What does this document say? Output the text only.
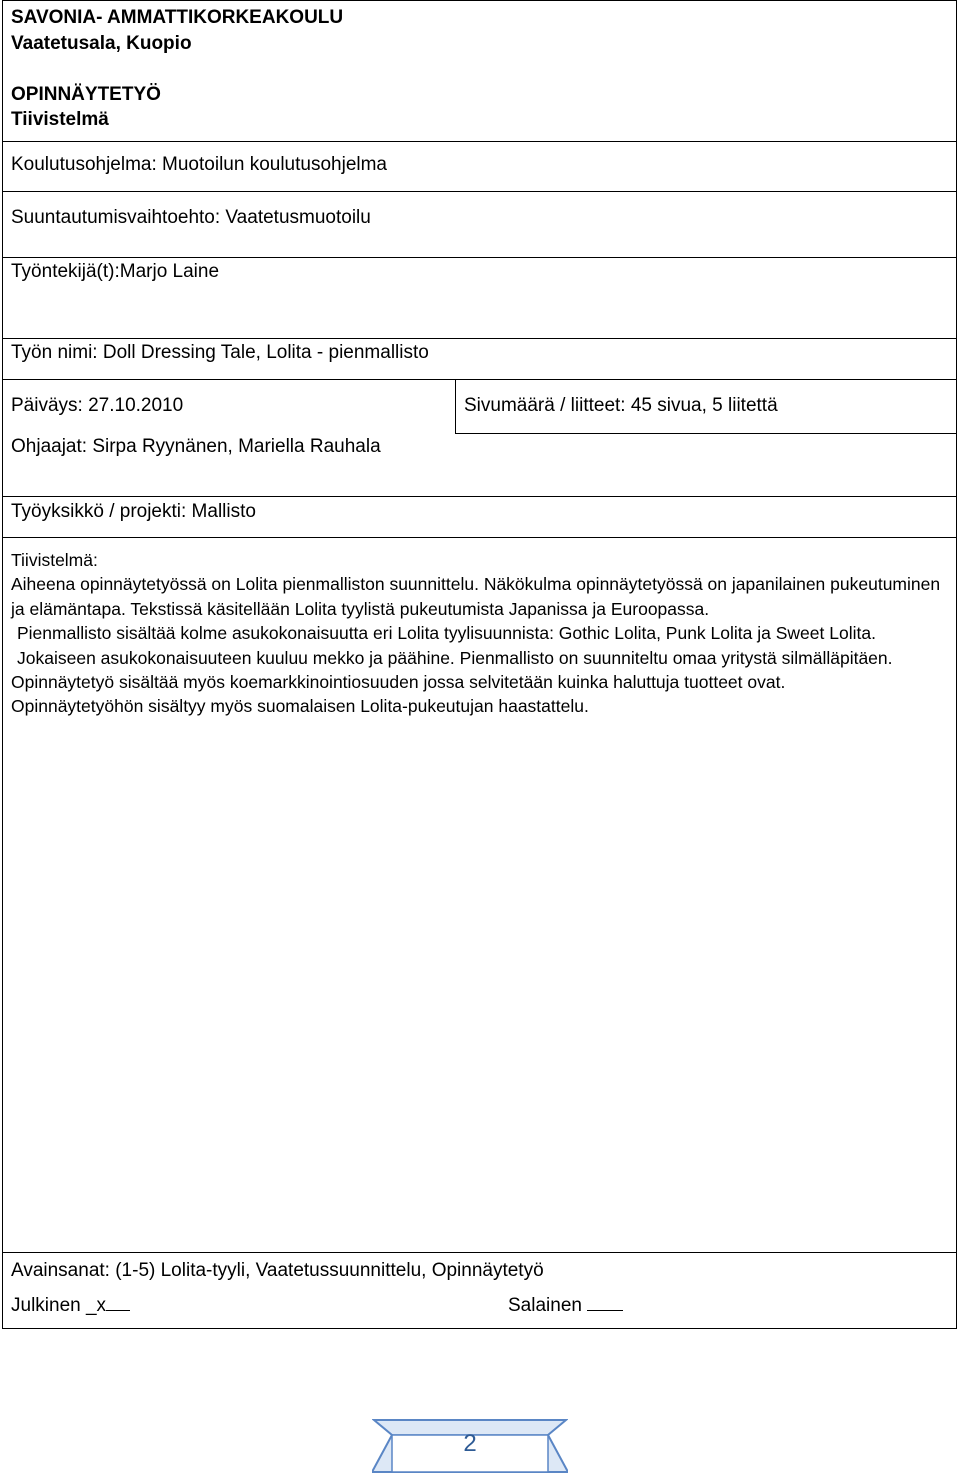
SAVONIA- AMMATTIKORKEAKOULU
Vaatetusala, Kuopio
OPINNÄYTETYÖ
Tiivistelmä
Koulutusohjelma: Muotoilun koulutusohjelma
Suuntautumisvaihtoehto: Vaatetusmuotoilu
Työntekijä(t):Marjo Laine
Työn nimi: Doll Dressing Tale, Lolita - pienmallisto
Päiväys: 27.10.2010	Sivumäärä / liitteet: 45 sivua, 5 liitettä
Ohjaajat: Sirpa Ryynänen, Mariella Rauhala
Työyksikkö / projekti: Mallisto

Tiivistelmä:

Aiheena opinnäytetyössä on Lolita pienmalliston suunnittelu. Näkökulma opinnäytetyössä on japanilainen pukeutuminen ja elämäntapa. Tekstissä käsitellään Lolita tyylistä pukeutumista Japanissa ja Euroopassa.

Pienmallisto sisältää kolme asukokonaisuutta eri Lolita tyylisuunnista: Gothic Lolita, Punk Lolita ja Sweet Lolita. Jokaiseen asukokonaisuuteen kuuluu mekko ja päähine. Pienmallisto on suunniteltu omaa yritystä silmälläpitäen.

Opinnäytetyö sisältää myös koemarkkinointiosuuden jossa selvitetään kuinka haluttuja tuotteet ovat.

Opinnäytetyöhön sisältyy myös suomalaisen Lolita-pukeutujan haastattelu.

Avainsanat: (1-5) Lolita-tyyli, Vaatetussuunnittelu, Opinnäytetyö
Julkinen _x	Salainen
2
